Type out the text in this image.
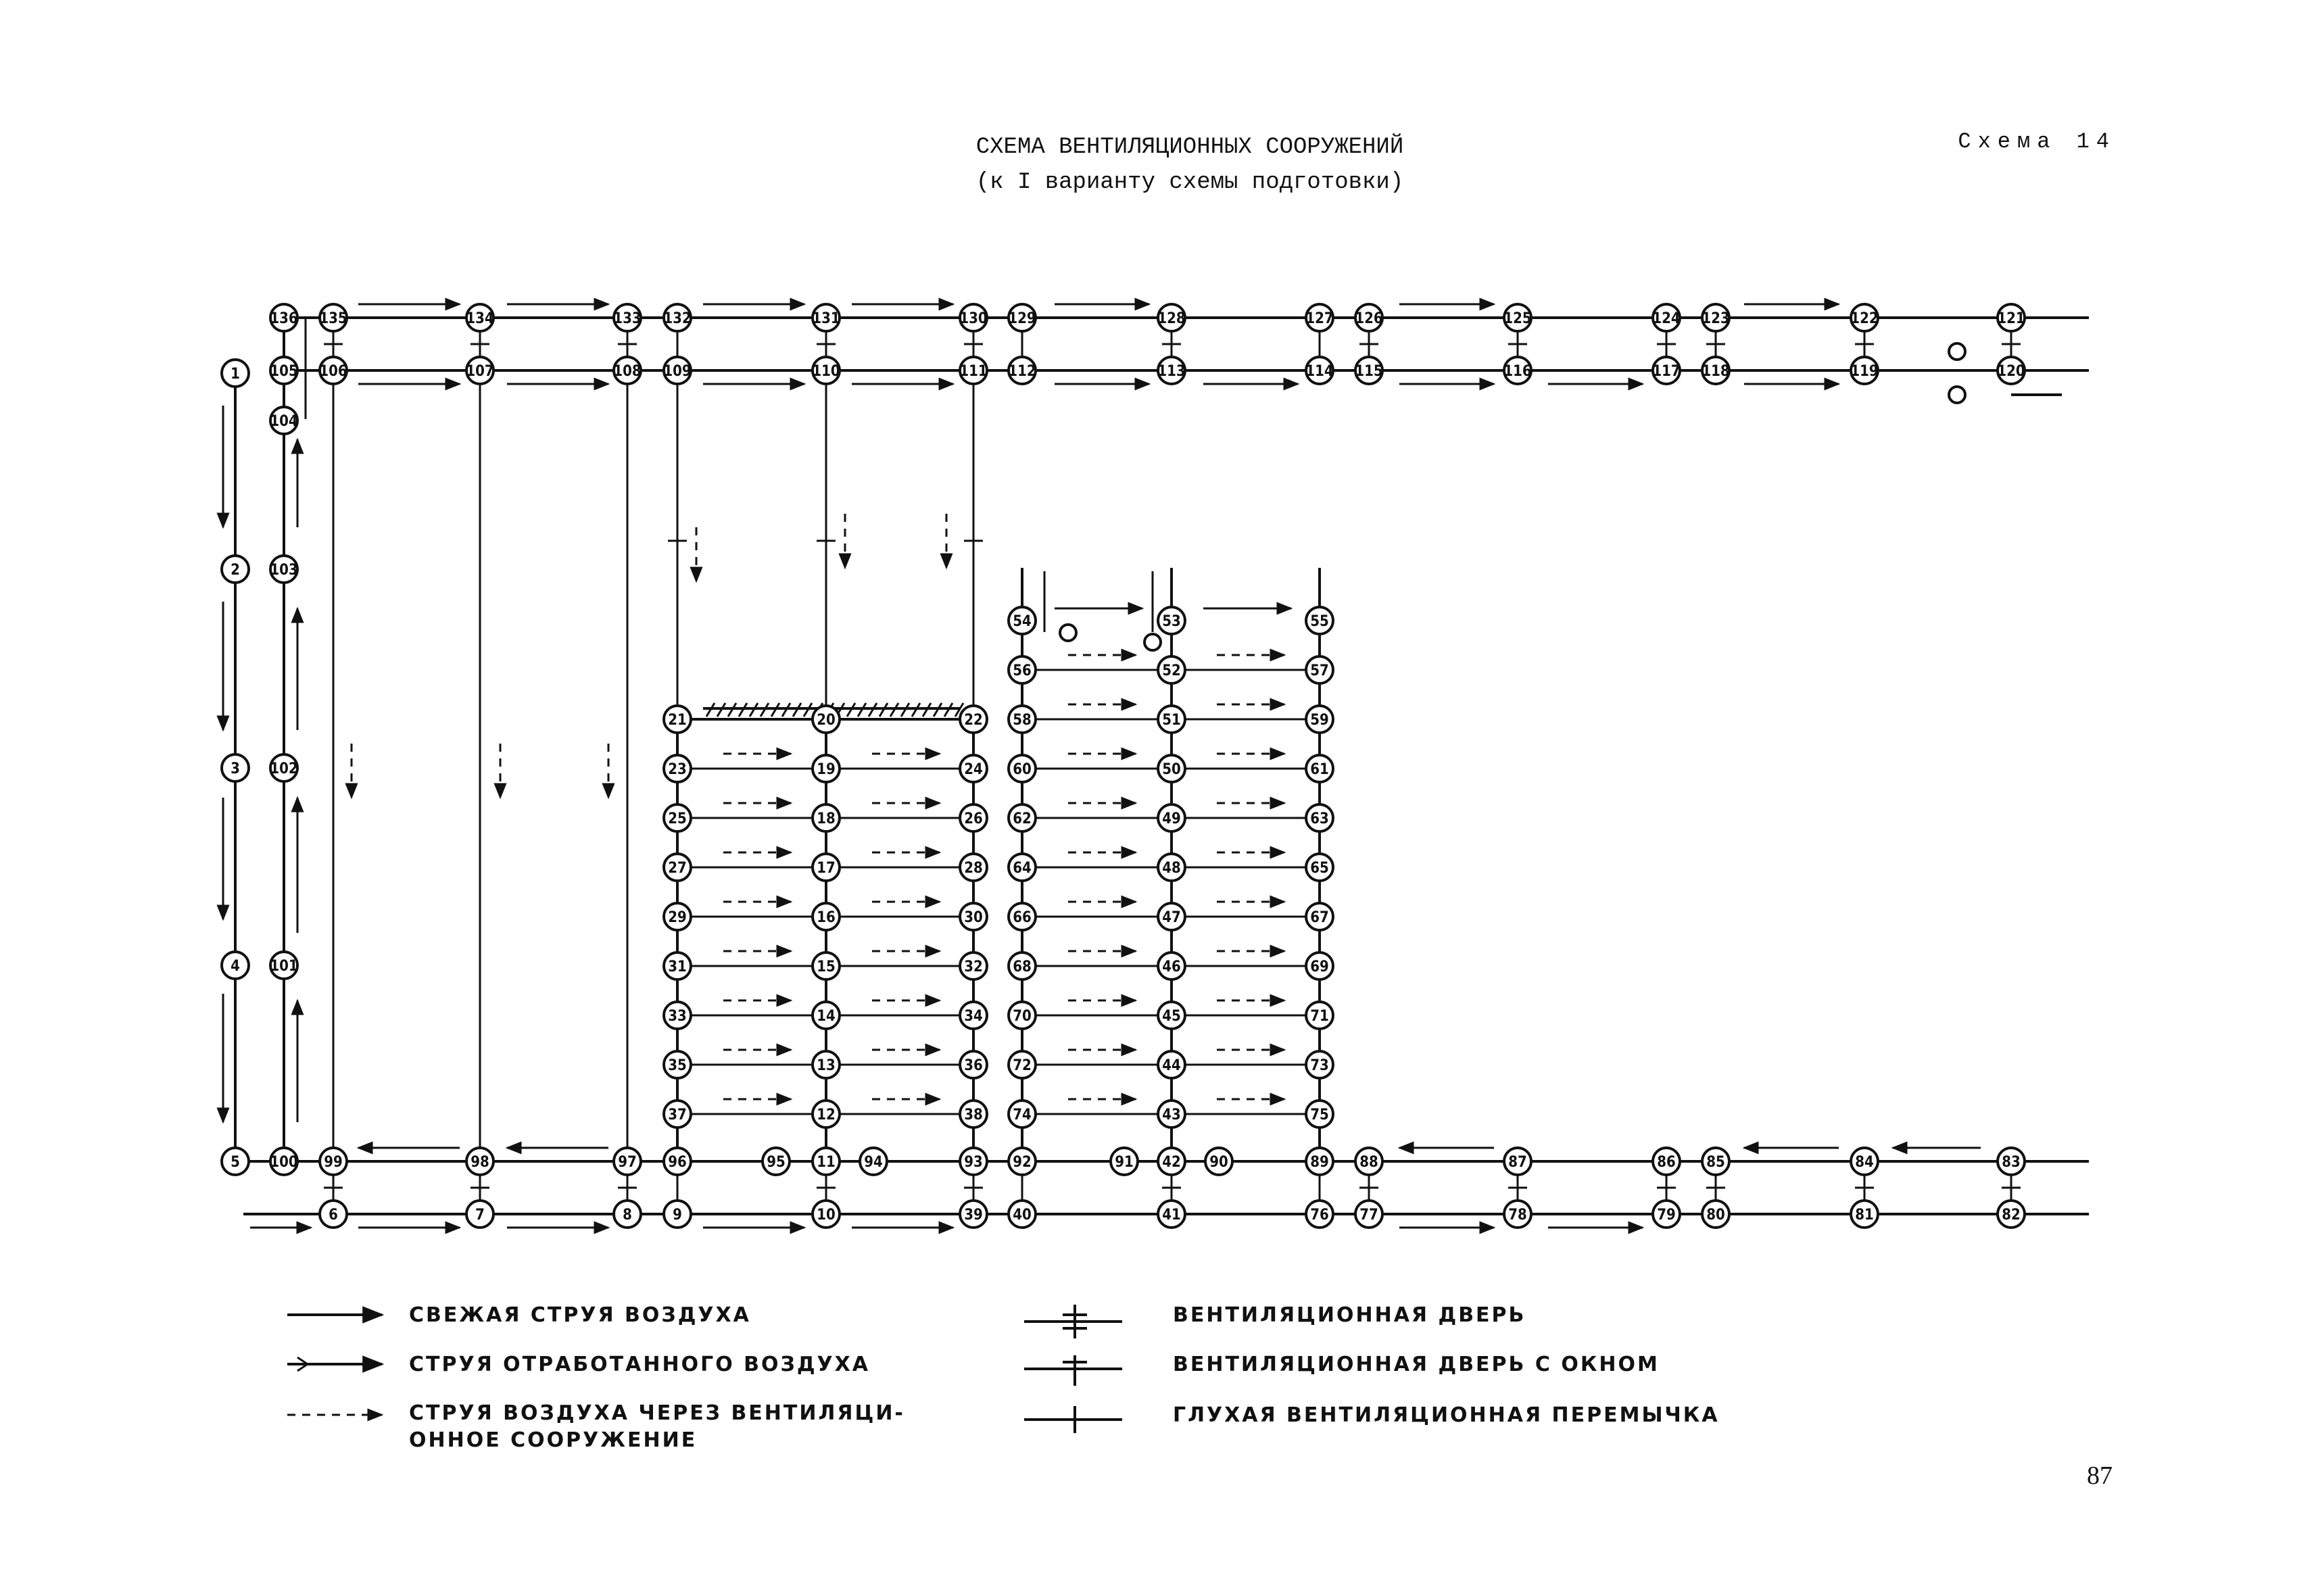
СХЕМА ВЕНТИЛЯЦИОННЫХ СООРУЖЕНИЙ
(к I варианту схемы подготовки)
Схема 14
136 135	134	133 132	131	130 129	128	127 126	125	124 123	122	121
105 106	107	108 109	110	111 112	113	114 115	116	117 118	119	120
1
2
3
4
5
104
103
102
101
100 99	98	97 96	95 11 94	93 92	91 42 90	89 88	87	86 85	84	83
6	7	8	9	10	39 40	41	76 77	78	79 80	81	82
21	20	22
23	19	24
25	18	26
27	17	28
29	16	30
31	15	32
33	14	34
35	13	36
37	12	38
54	53	55
56	52	57
58	51	59
60	50	61
62	49	63
64	48	65
66	47	67
68	46	69
70	45	71
72	44	73
74	43	75
СВЕЖАЯ СТРУЯ ВОЗДУХА
СТРУЯ ОТРАБОТАННОГО ВОЗДУХА
СТРУЯ ВОЗДУХА ЧЕРЕЗ ВЕНТИЛЯЦИ-
ОННОЕ СООРУЖЕНИЕ
ВЕНТИЛЯЦИОННАЯ ДВЕРЬ
ВЕНТИЛЯЦИОННАЯ ДВЕРЬ С ОКНОМ
ГЛУХАЯ ВЕНТИЛЯЦИОННАЯ ПЕРЕМЫЧКА
87
